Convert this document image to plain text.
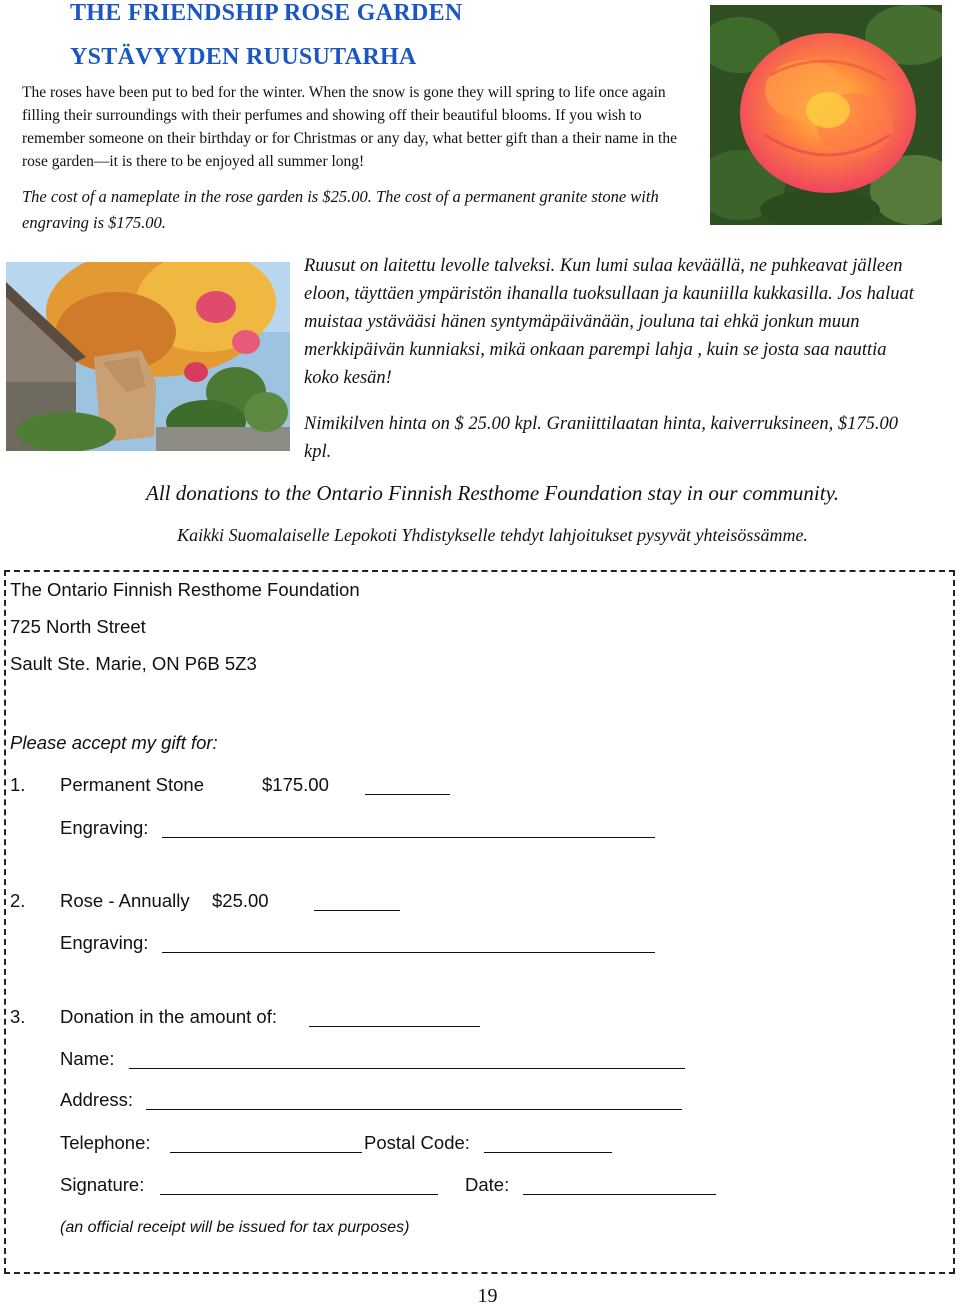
THE FRIENDSHIP ROSE GARDEN
YSTÄVYYDEN RUUSUTARHA
The roses have been put to bed for the winter. When the snow is gone they will spring to life once again filling their surroundings with their perfumes and showing off their beautiful blooms. If you wish to remember someone on their birthday or for Christmas or any day, what better gift than a their name in the rose garden—it is there to be enjoyed all summer long!
The cost of a nameplate in the rose garden is $25.00. The cost of a permanent granite stone with engraving is $175.00.
Ruusut on laitettu levolle talveksi. Kun lumi sulaa keväällä, ne puhkeavat jälleen eloon, täyttäen ympäristön ihanalla tuoksullaan ja kauniilla kukkasilla. Jos haluat muistaa ystävääsi hänen syntymäpäivänään, jouluna tai ehkä jonkun muun merkkipäivän kunniaksi, mikä onkaan parempi lahja , kuin se josta saa nauttia koko kesän!
Nimikilven hinta on $ 25.00 kpl. Graniittilaatan hinta, kaiverruksineen, $175.00 kpl.
All donations to the Ontario Finnish Resthome Foundation stay in our community.
Kaikki Suomalaiselle Lepokoti Yhdistykselle tehdyt lahjoitukset pysyvät yhteisössämme.
The Ontario Finnish Resthome Foundation
725 North Street
Sault Ste. Marie, ON P6B 5Z3
Please accept my gift for:
1. Permanent Stone	$175.00
Engraving:
2. Rose - Annually $25.00
Engraving:
3. Donation in the amount of:
Name:
Address:
Telephone:	Postal Code:
Signature:	Date:
(an official receipt will be issued for tax purposes)
19
